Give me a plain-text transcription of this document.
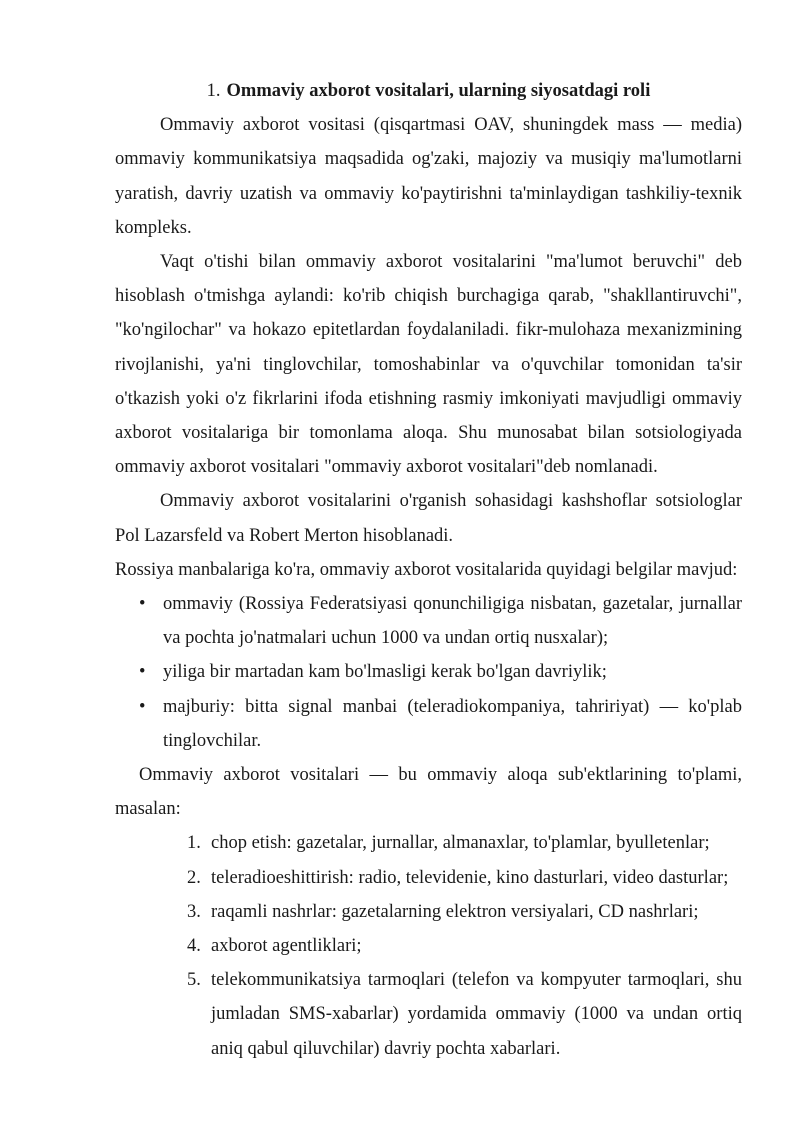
1. Ommaviy axborot vositalari, ularning siyosatdagi roli

Ommaviy axborot vositasi (qisqartmasi OAV, shuningdek mass — media) ommaviy kommunikatsiya maqsadida og'zaki, majoziy va musiqiy ma'lumotlarni yaratish, davriy uzatish va ommaviy ko'paytirishni ta'minlaydigan tashkiliy-texnik kompleks.

Vaqt o'tishi bilan ommaviy axborot vositalarini "ma'lumot beruvchi" deb hisoblash o'tmishga aylandi: ko'rib chiqish burchagiga qarab, "shakllantiruvchi", "ko'ngilochar" va hokazo epitetlardan foydalaniladi. fikr-mulohaza mexanizmining rivojlanishi, ya'ni tinglovchilar, tomoshabinlar va o'quvchilar tomonidan ta'sir o'tkazish yoki o'z fikrlarini ifoda etishning rasmiy imkoniyati mavjudligi ommaviy axborot vositalariga bir tomonlama aloqa. Shu munosabat bilan sotsiologiyada ommaviy axborot vositalari "ommaviy axborot vositalari"deb nomlanadi.

Ommaviy axborot vositalarini o'rganish sohasidagi kashshoflar sotsiologlar Pol Lazarsfeld va Robert Merton hisoblanadi.

Rossiya manbalariga ko'ra, ommaviy axborot vositalarida quyidagi belgilar mavjud:

• ommaviy (Rossiya Federatsiyasi qonunchiligiga nisbatan, gazetalar, jurnallar va pochta jo'natmalari uchun 1000 va undan ortiq nusxalar);
• yiliga bir martadan kam bo'lmasligi kerak bo'lgan davriylik;
• majburiy: bitta signal manbai (teleradiokompaniya, tahririyat) — ko'plab tinglovchilar.

Ommaviy axborot vositalari — bu ommaviy aloqa sub'ektlarining to'plami, masalan:

1. chop etish: gazetalar, jurnallar, almanaxlar, to'plamlar, byulletenlar;
2. teleradioeshittirish: radio, televidenie, kino dasturlari, video dasturlar;
3. raqamli nashrlar: gazetalarning elektron versiyalari, CD nashrlari;
4. axborot agentliklari;
5. telekommunikatsiya tarmoqlari (telefon va kompyuter tarmoqlari, shu jumladan SMS-xabarlar) yordamida ommaviy (1000 va undan ortiq aniq qabul qiluvchilar) davriy pochta xabarlari.
